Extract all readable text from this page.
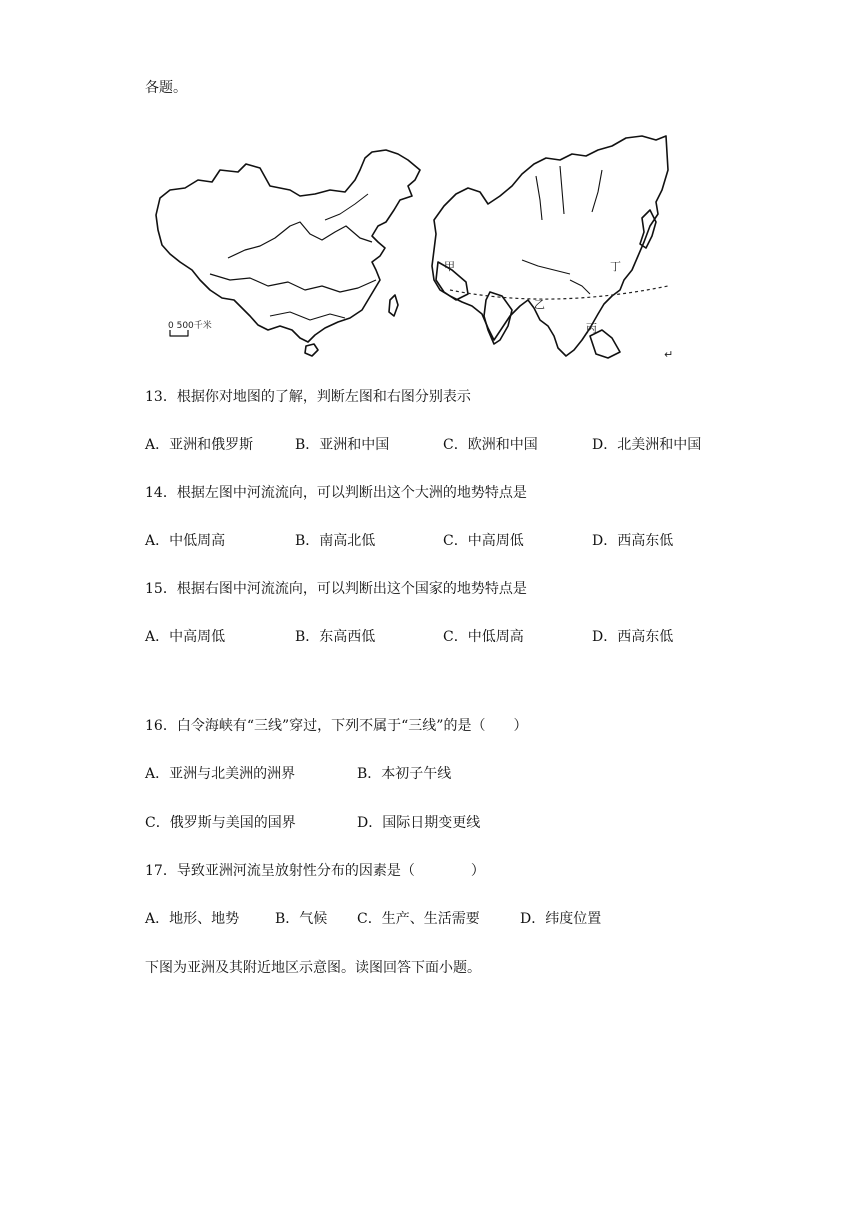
各题。
0 500千米
甲
乙
丙
丁
↵
13．根据你对地图的了解，判断左图和右图分别表示
A．亚洲和俄罗斯	B．亚洲和中国	C．欧洲和中国	D．北美洲和中国
14．根据左图中河流流向，可以判断出这个大洲的地势特点是
A．中低周高	B．南高北低	C．中高周低	D．西高东低
15．根据右图中河流流向，可以判断出这个国家的地势特点是
A．中高周低	B．东高西低	C．中低周高	D．西高东低
16．白令海峡有“三线”穿过，下列不属于“三线”的是（　　）
A．亚洲与北美洲的洲界	B．本初子午线
C．俄罗斯与美国的国界	D．国际日期变更线
17．导致亚洲河流呈放射性分布的因素是（　　　　）
A．地形、地势	B．气候 C．生产、生活需要	D．纬度位置
下图为亚洲及其附近地区示意图。读图回答下面小题。
